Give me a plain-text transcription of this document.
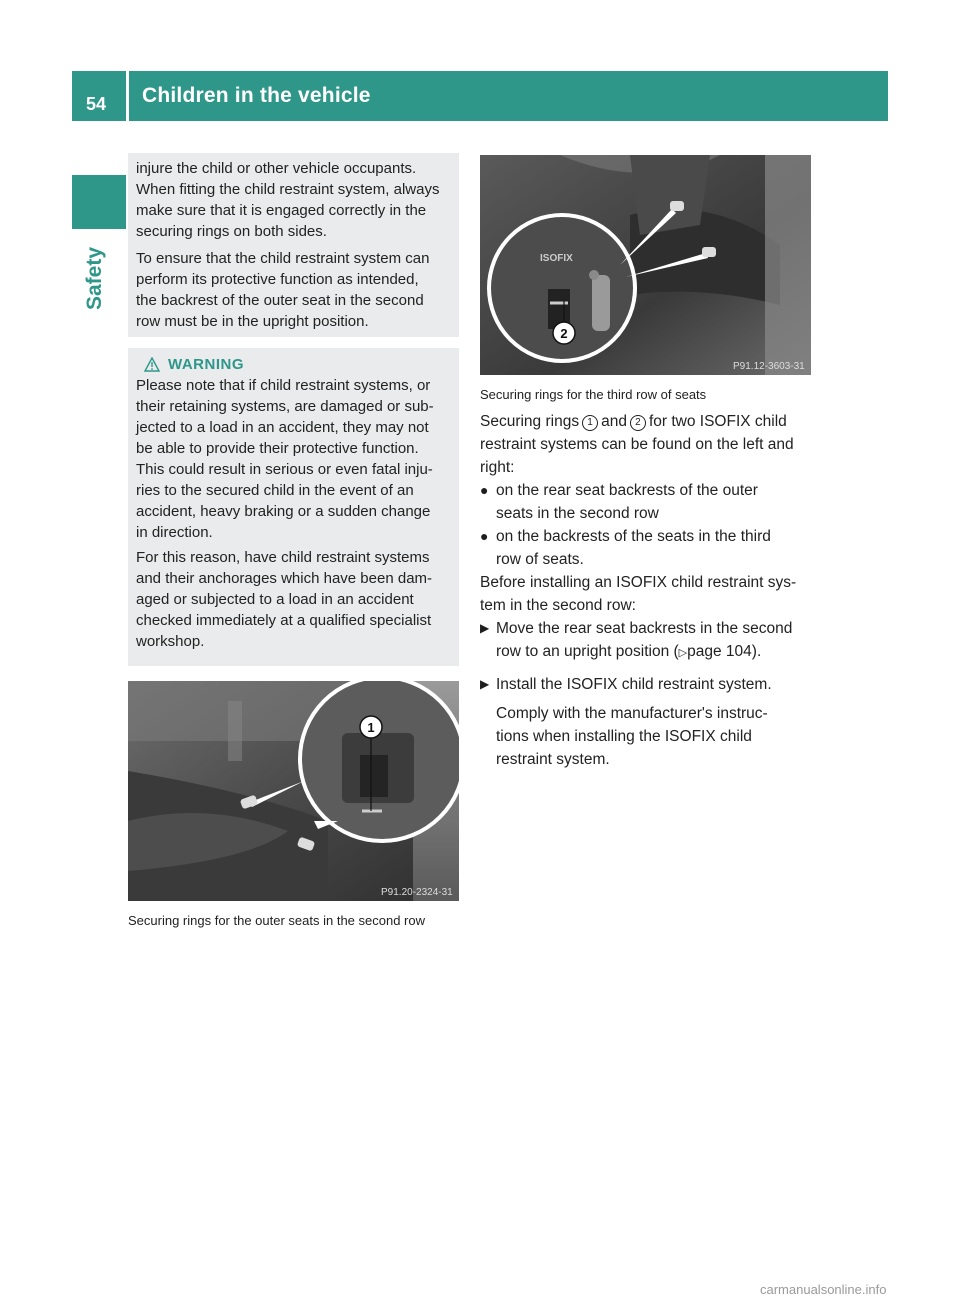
54	Children in the vehicle
Safety

injure the child or other vehicle occupants.

When fitting the child restraint system, always

make sure that it is engaged correctly in the

securing rings on both sides.

To ensure that the child restraint system can

perform its protective function as intended,

the backrest of the outer seat in the second

row must be in the upright position.

WARNING

Please note that if child restraint systems, or

their retaining systems, are damaged or sub-

jected to a load in an accident, they may not

be able to provide their protective function.

This could result in serious or even fatal inju-

ries to the secured child in the event of an

accident, heavy braking or a sudden change

in direction.

For this reason, have child restraint systems

and their anchorages which have been dam-

aged or subjected to a load in an accident

checked immediately at a qualified specialist

workshop.

1
P91.20-2324-31
Securing rings for the outer seats in the second row
ISOFIX
2
P91.12-3603-31
Securing rings for the third row of seats

Securing rings 1 and 2 for two ISOFIX child

restraint systems can be found on the left and

right:

● on the rear seat backrests of the outer

seats in the second row

● on the backrests of the seats in the third

row of seats.

Before installing an ISOFIX child restraint sys-

tem in the second row:

▶ Move the rear seat backrests in the second

row to an upright position (▷page 104).

▶ Install the ISOFIX child restraint system.

Comply with the manufacturer's instruc-

tions when installing the ISOFIX child

restraint system.

carmanualsonline.info
